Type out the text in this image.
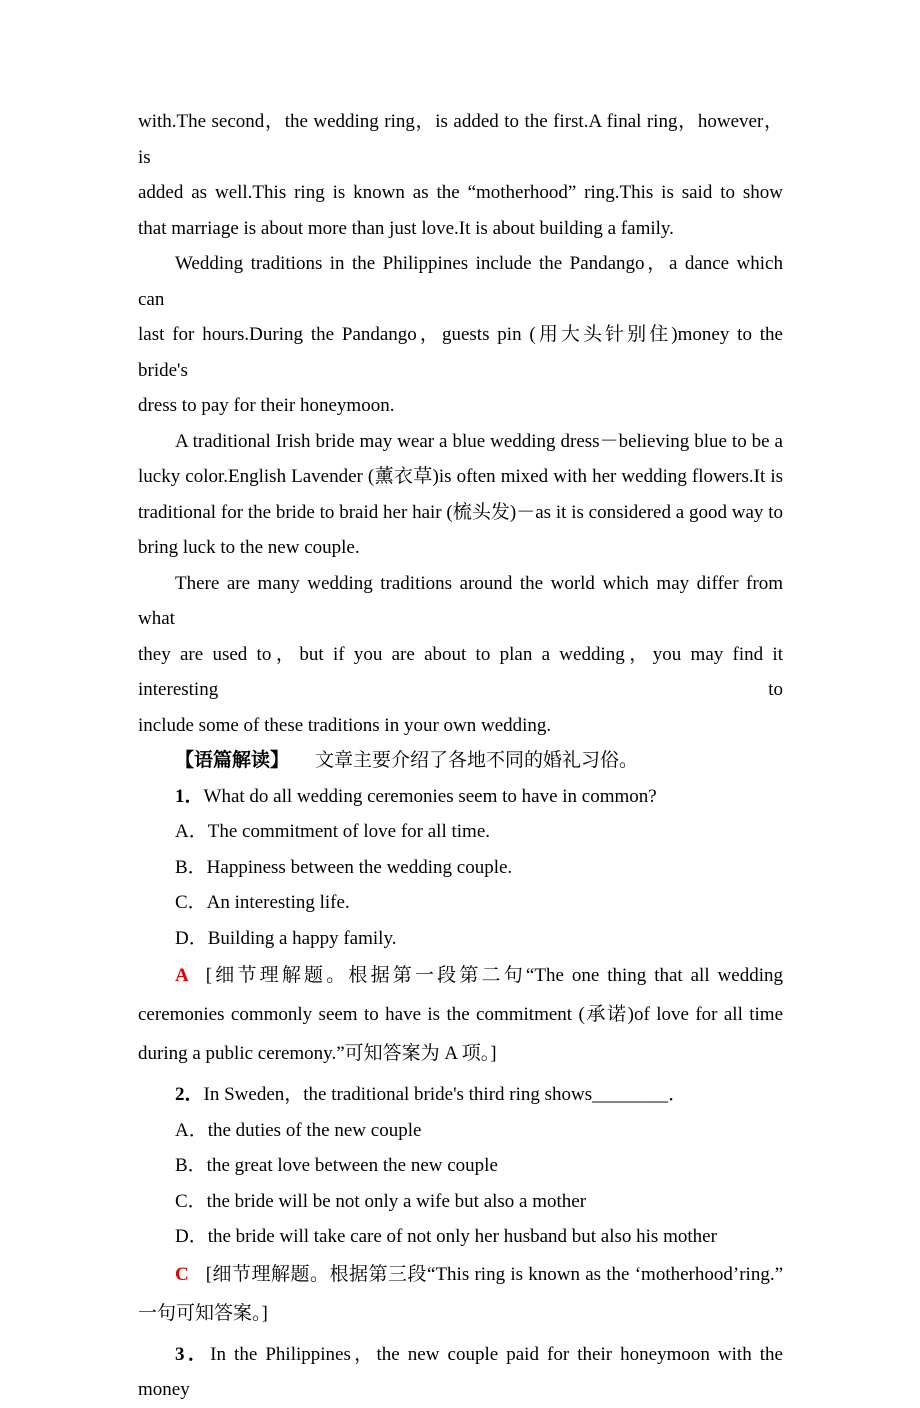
with.The second，the wedding ring，is added to the first.A final ring，however，is
added as well.This ring is known as the “motherhood” ring.This is said to show
that marriage is about more than just love.It is about building a family.
Wedding traditions in the Philippines include the Pandango，a dance which can
last for hours.During the Pandango，guests pin (用大头针别住)money to the bride's
dress to pay for their honeymoon.
A traditional Irish bride may wear a blue wedding dress－believing blue to be a
lucky color.English Lavender (薰衣草)is often mixed with her wedding flowers.It is
traditional for the bride to braid her hair (梳头发)－as it is considered a good way to
bring luck to the new couple.
There are many wedding traditions around the world which may differ from what
they are used to，but if you are about to plan a wedding，you may find it interesting to
include some of these traditions in your own wedding.
【语篇解读】 文章主要介绍了各地不同的婚礼习俗。
1．What do all wedding ceremonies seem to have in common?
A．The commitment of love for all time.
B．Happiness between the wedding couple.
C．An interesting life.
D．Building a happy family.
A [细节理解题。根据第一段第二句“The one thing that all wedding
ceremonies commonly seem to have is the commitment (承诺)of love for all time
during a public ceremony.”可知答案为 A 项。]
2．In Sweden，the traditional bride's third ring shows________．
A．the duties of the new couple
B．the great love between the new couple
C．the bride will be not only a wife but also a mother
D．the bride will take care of not only her husband but also his mother
C [细节理解题。根据第三段“This ring is known as the ‘motherhood’ring.”
一句可知答案。]
3．In the Philippines，the new couple paid for their honeymoon with the money
